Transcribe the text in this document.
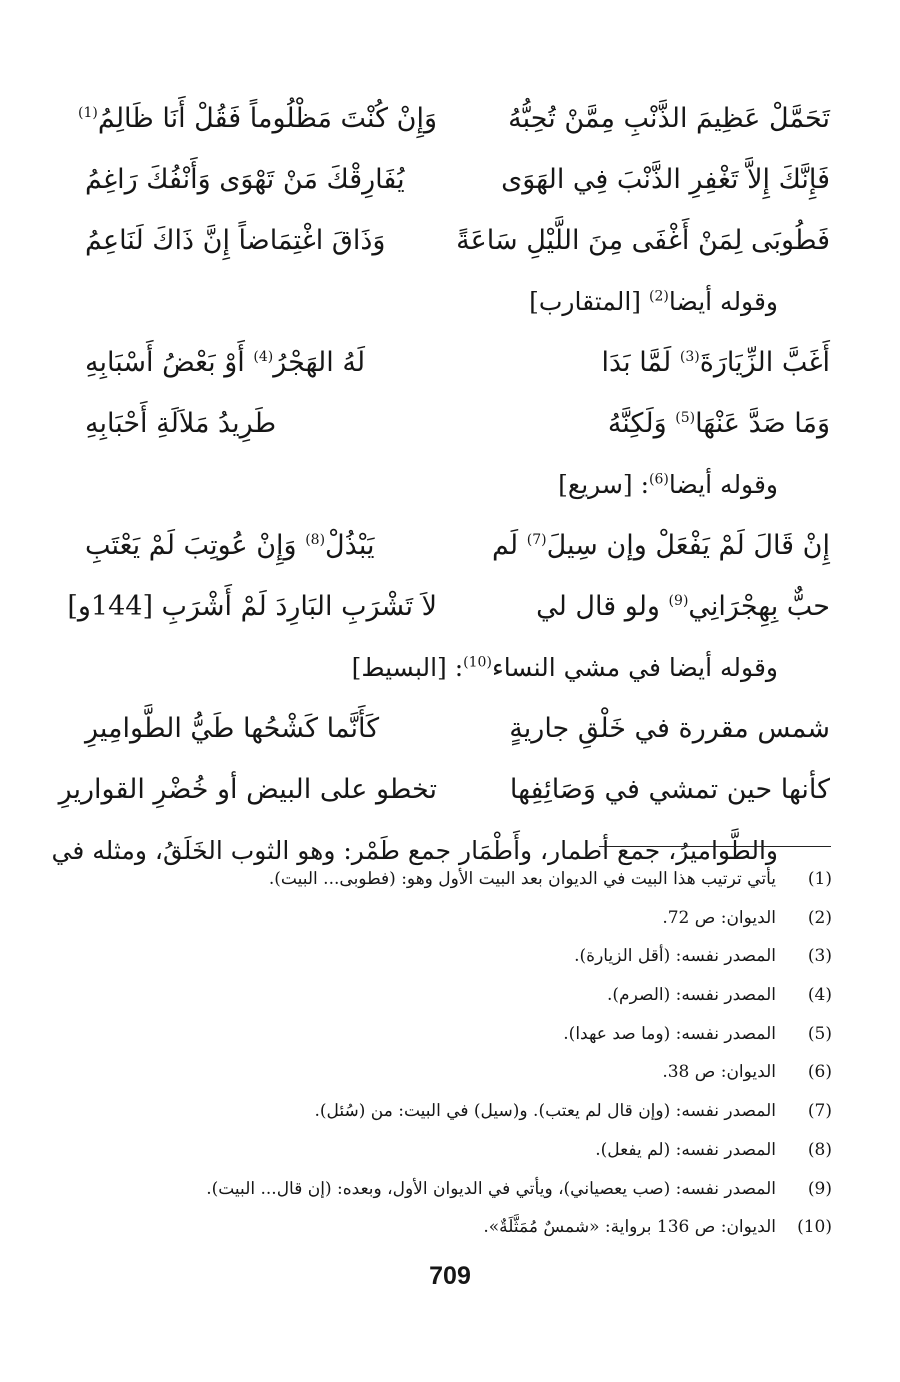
تَحَمَّلْ عَظِيمَ الذَّنْبِ مِمَّنْ تُحِبُّهُ
وَإِنْ كُنْتَ مَظْلُوماً فَقُلْ أَنَا ظَالِمُ$^{(1)}$
فَإِنَّكَ إِلاَّ تَغْفِرِ الذَّنْبَ فِي الهَوَى
يُفَارِقْكَ مَنْ تَهْوَى وَأَنْفُكَ رَاغِمُ
فَطُوبَى لِمَنْ أَغْفَى مِنَ اللَّيْلِ سَاعَةً
وَذَاقَ اغْتِمَاضاً إِنَّ ذَاكَ لَنَاعِمُ
وقوله أيضا$^{(2)}$ [المتقارب]
أَغَبَّ الزِّيَارَةَ$^{(3)}$ لَمَّا بَدَا
لَهُ الهَجْرُ$^{(4)}$ أَوْ بَعْضُ أَسْبَابِهِ
وَمَا صَدَّ عَنْهَا$^{(5)}$ وَلَكِنَّهُ
طَرِيدُ مَلاَلَةِ أَحْبَابِهِ
وقوله أيضا$^{(6)}$: [سريع]
إِنْ قَالَ لَمْ يَفْعَلْ وإن سِيلَ$^{(7)}$ لَم
يَبْذُلْ$^{(8)}$ وَإِنْ عُوتِبَ لَمْ يَعْتَبِ
حبٌّ بِهِجْرَانِي$^{(9)}$ ولو قال لي
لاَ تَشْرَبِ البَارِدَ لَمْ أَشْرَبِ [144و]
وقوله أيضا في مشي النساء$^{(10)}$: [البسيط]
شمس مقررة في خَلْقِ جاريةٍ
كَأَنَّما كَشْحُها طَيُّ الطَّوامِيرِ
كأنها حين تمشي في وَصَائِفِها
تخطو على البيض أو خُضْرِ القواريرِ
والطَّواميرُ، جمع أطمار، وأَطْمَار جمع طَمْر: وهو الثوب الخَلَقُ، ومثله في
(1)
يأتي ترتيب هذا البيت في الديوان بعد البيت الأول وهو: (فطوبى... البيت).
(2)
الديوان: ص 72.
(3)
المصدر نفسه: (أقل الزيارة).
(4)
المصدر نفسه: (الصرم).
(5)
المصدر نفسه: (وما صد عهدا).
(6)
الديوان: ص 38.
(7)
المصدر نفسه: (وإن قال لم يعتب). و(سيل) في البيت: من (سُئل).
(8)
المصدر نفسه: (لم يفعل).
(9)
المصدر نفسه: (صب يعصياني)، ويأتي في الديوان الأول، وبعده: (إن قال... البيت).
(10)
الديوان: ص 136 برواية: «شمسٌ مُمَثَّلَةٌ».
709
